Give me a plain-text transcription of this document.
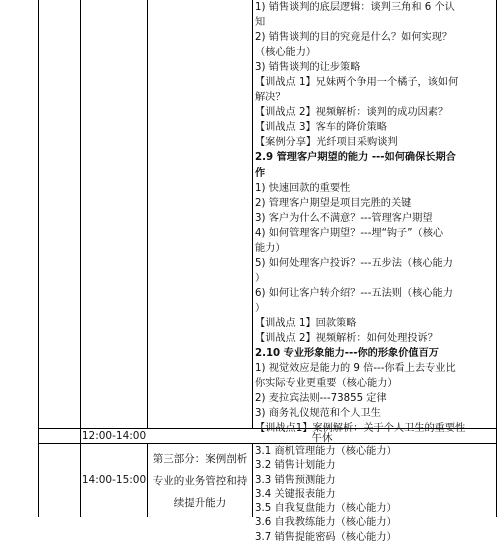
1) 销售谈判的底层逻辑：谈判三角和 6 个认
知
2) 销售谈判的目的究竟是什么？如何实现？
（核心能力）
3) 销售谈判的让步策略
【训战点 1】兄妹两个争用一个橘子，该如何
解决？
【训战点 2】视频解析：谈判的成功因素？
【训战点 3】客车的降价策略
【案例分享】光纤项目采购谈判
2.9 管理客户期望的能力 ---如何确保长期合
作
1) 快速回款的重要性
2) 管理客户期望是项目完胜的关键
3) 客户为什么不满意？---管理客户期望
4) 如何管理客户期望？---埋“钩子”（核心
能力）
5) 如何处理客户投诉？---五步法（核心能力
）
6) 如何让客户转介绍？---五法则（核心能力
）
【训战点 1】回款策略
【训战点 2】视频解析：如何处理投诉？
2.10 专业形象能力---你的形象价值百万
1) 视觉效应是能力的 9 倍---你看上去专业比
你实际专业更重要（核心能力）
2) 麦拉宾法则---73855 定律
3) 商务礼仪规范和个人卫生
【训战点1】案例解析：关于个人卫生的重要性
12:00-14:00	午休
14:00-15:00
第三部分：案例剖析
专业的业务管控和持
续提升能力
3.1 商机管理能力（核心能力）
3.2 销售计划能力
3.3 销售预测能力
3.4 关键报表能力
3.5 自我复盘能力（核心能力）
3.6 自我教练能力（核心能力）
3.7 销售提能密码（核心能力）
